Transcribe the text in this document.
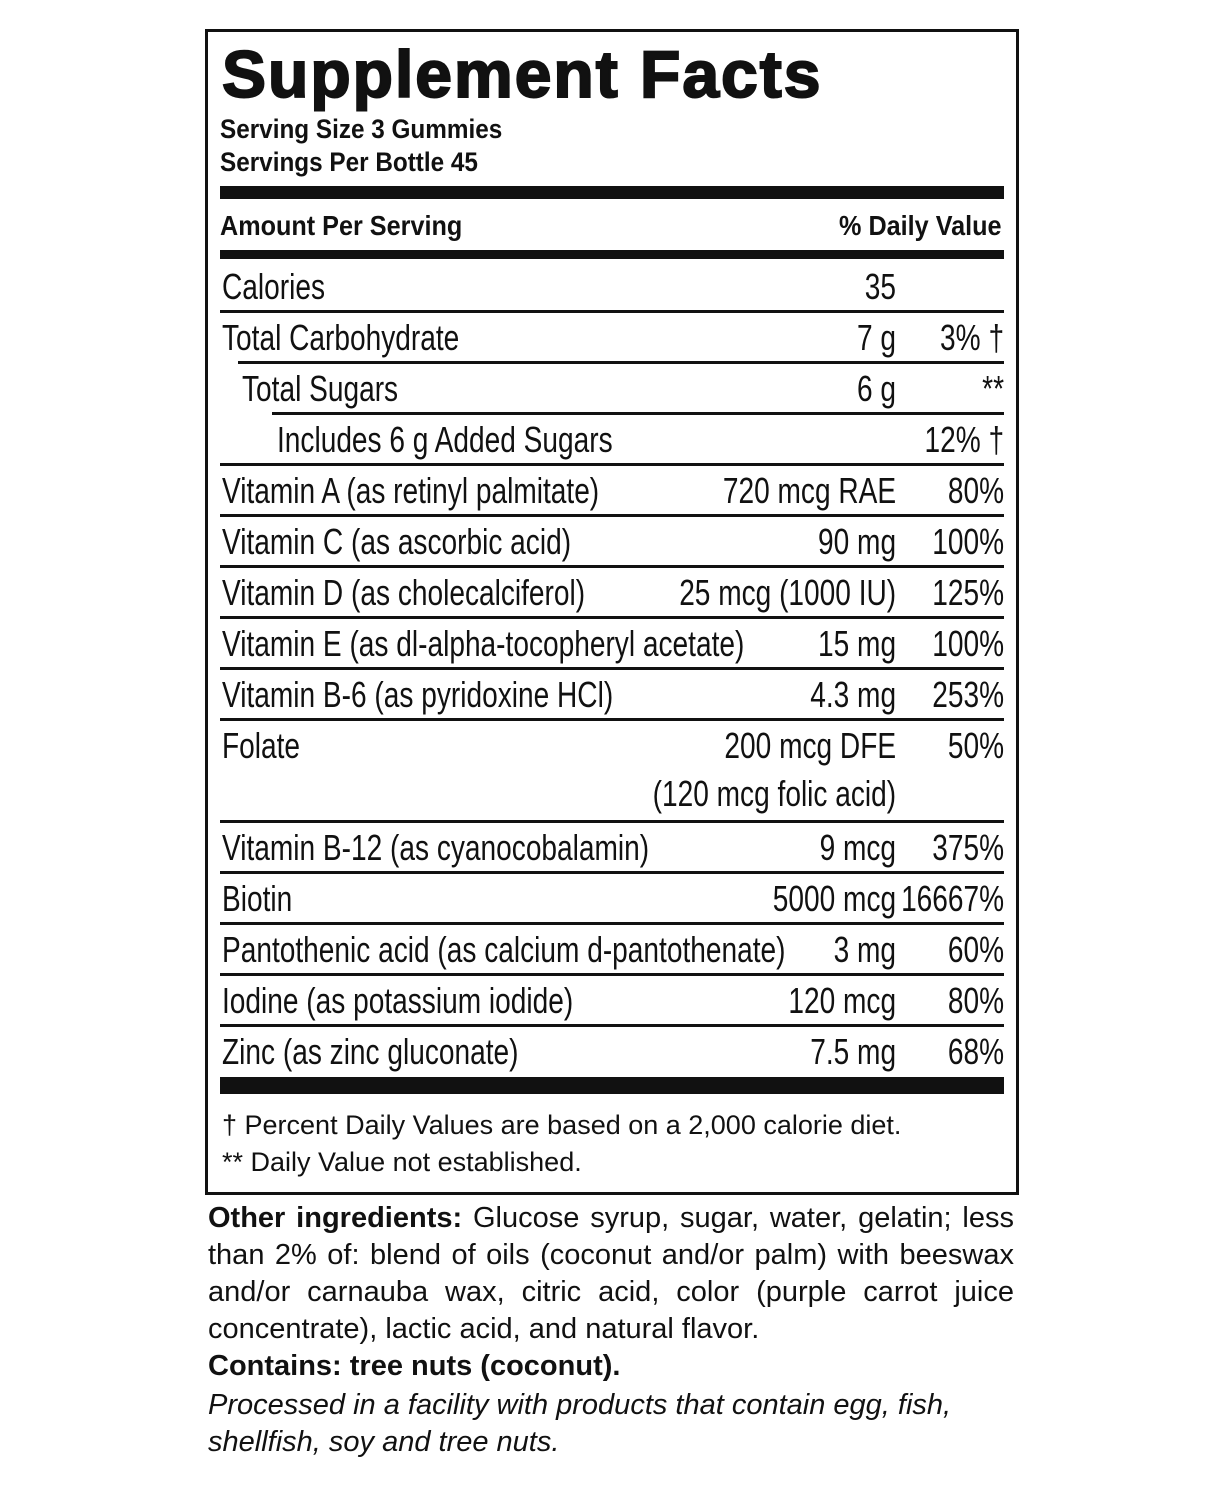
Supplement Facts
Serving Size 3 Gummies
Servings Per Bottle 45
Amount Per Serving	% Daily Value
Calories	35
Total Carbohydrate	7 g 3% †
Total Sugars	6 g **
Includes 6 g Added Sugars	12% †
Vitamin A (as retinyl palmitate)	720 mcg RAE 80%
Vitamin C (as ascorbic acid)	90 mg 100%
Vitamin D (as cholecalciferol)	25 mcg (1000 IU) 125%
Vitamin E (as dl-alpha-tocopheryl acetate) 15 mg 100%
Vitamin B-6 (as pyridoxine HCl)	4.3 mg 253%
Folate	200 mcg DFE 50%
(120 mcg folic acid)
Vitamin B-12 (as cyanocobalamin)	9 mcg 375%
Biotin	5000 mcg 16667%
Pantothenic acid (as calcium d-pantothenate) 3 mg 60%
Iodine (as potassium iodide)	120 mcg 80%
Zinc (as zinc gluconate)	7.5 mg 68%
† Percent Daily Values are based on a 2,000 calorie diet.
** Daily Value not established.
Other ingredients: Glucose syrup, sugar, water, gelatin; less than 2% of: blend of oils (coconut and/or palm) with beeswax and/or carnauba wax, citric acid, color (purple carrot juice concentrate), lactic acid, and natural flavor.
Contains: tree nuts (coconut).
Processed in a facility with products that contain egg, fish, shellfish, soy and tree nuts.
